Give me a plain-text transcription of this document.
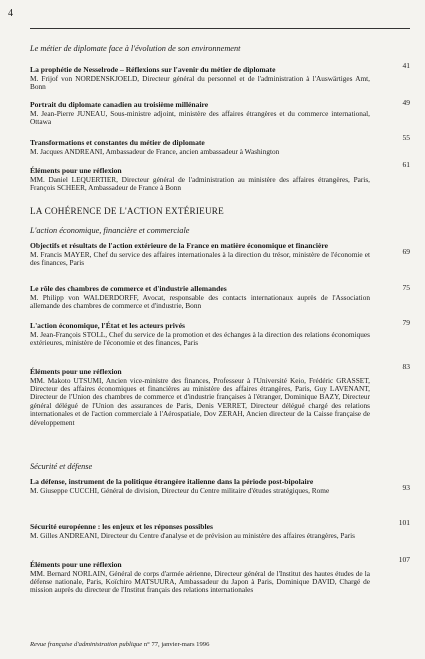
4
Le métier de diplomate face à l'évolution de son environnement
La prophétie de Nesselrode – Réflexions sur l'avenir du métier de diplomate
M. Frijof von NORDENSKJOELD, Directeur général du personnel et de l'administration à l'Auswärtiges Amt, Bonn
41
Portrait du diplomate canadien au troisième millénaire
M. Jean-Pierre JUNEAU, Sous-ministre adjoint, ministère des affaires étrangères et du commerce international, Ottawa
49
Transformations et constantes du métier de diplomate
M. Jacques ANDREANI, Ambassadeur de France, ancien ambassadeur à Washington
55
Éléments pour une réflexion
MM. Daniel LEQUERTIER, Directeur général de l'administration au ministère des affaires étrangères, Paris, François SCHEER, Ambassadeur de France à Bonn
61
LA COHÉRENCE DE L'ACTION EXTÉRIEURE
L'action économique, financière et commerciale
Objectifs et résultats de l'action extérieure de la France en matière économique et financière
M. Francis MAYER, Chef du service des affaires internationales à la direction du trésor, ministère de l'économie et des finances, Paris
69
Le rôle des chambres de commerce et d'industrie allemandes
M. Philipp von WALDERDORFF, Avocat, responsable des contacts internationaux auprès de l'Association allemande des chambres de commerce et d'industrie, Bonn
75
L'action économique, l'État et les acteurs privés
M. Jean-François STOLL, Chef du service de la promotion et des échanges à la direction des relations économiques extérieures, ministère de l'économie et des finances, Paris
79
Éléments pour une réflexion
MM. Makoto UTSUMI, Ancien vice-ministre des finances, Professeur à l'Université Keio, Frédéric GRASSET, Directeur des affaires économiques et financières au ministère des affaires étrangères, Paris, Guy LAVENANT, Directeur de l'Union des chambres de commerce et d'industrie françaises à l'étranger, Dominique BAZY, Directeur général délégué de l'Union des assurances de Paris, Denis VERRET, Directeur délégué chargé des relations internationales et de l'action commerciale à l'Aérospatiale, Dov ZERAH, Ancien directeur de la Caisse française de développement
83
Sécurité et défense
La défense, instrument de la politique étrangère italienne dans la période post-bipolaire
M. Giuseppe CUCCHI, Général de division, Directeur du Centre militaire d'études stratégiques, Rome	93
Sécurité européenne : les enjeux et les réponses possibles
M. Gilles ANDREANI, Directeur du Centre d'analyse et de prévision au ministère des affaires étrangères, Paris
101
Éléments pour une réflexion
MM. Bernard NORLAIN, Général de corps d'armée aérienne, Directeur général de l'Institut des hautes études de la défense nationale, Paris, Koïchiro MATSUURA, Ambassadeur du Japon à Paris, Dominique DAVID, Chargé de mission auprès du directeur de l'Institut français des relations internationales
107
Revue française d'administration publique n° 77, janvier-mars 1996
